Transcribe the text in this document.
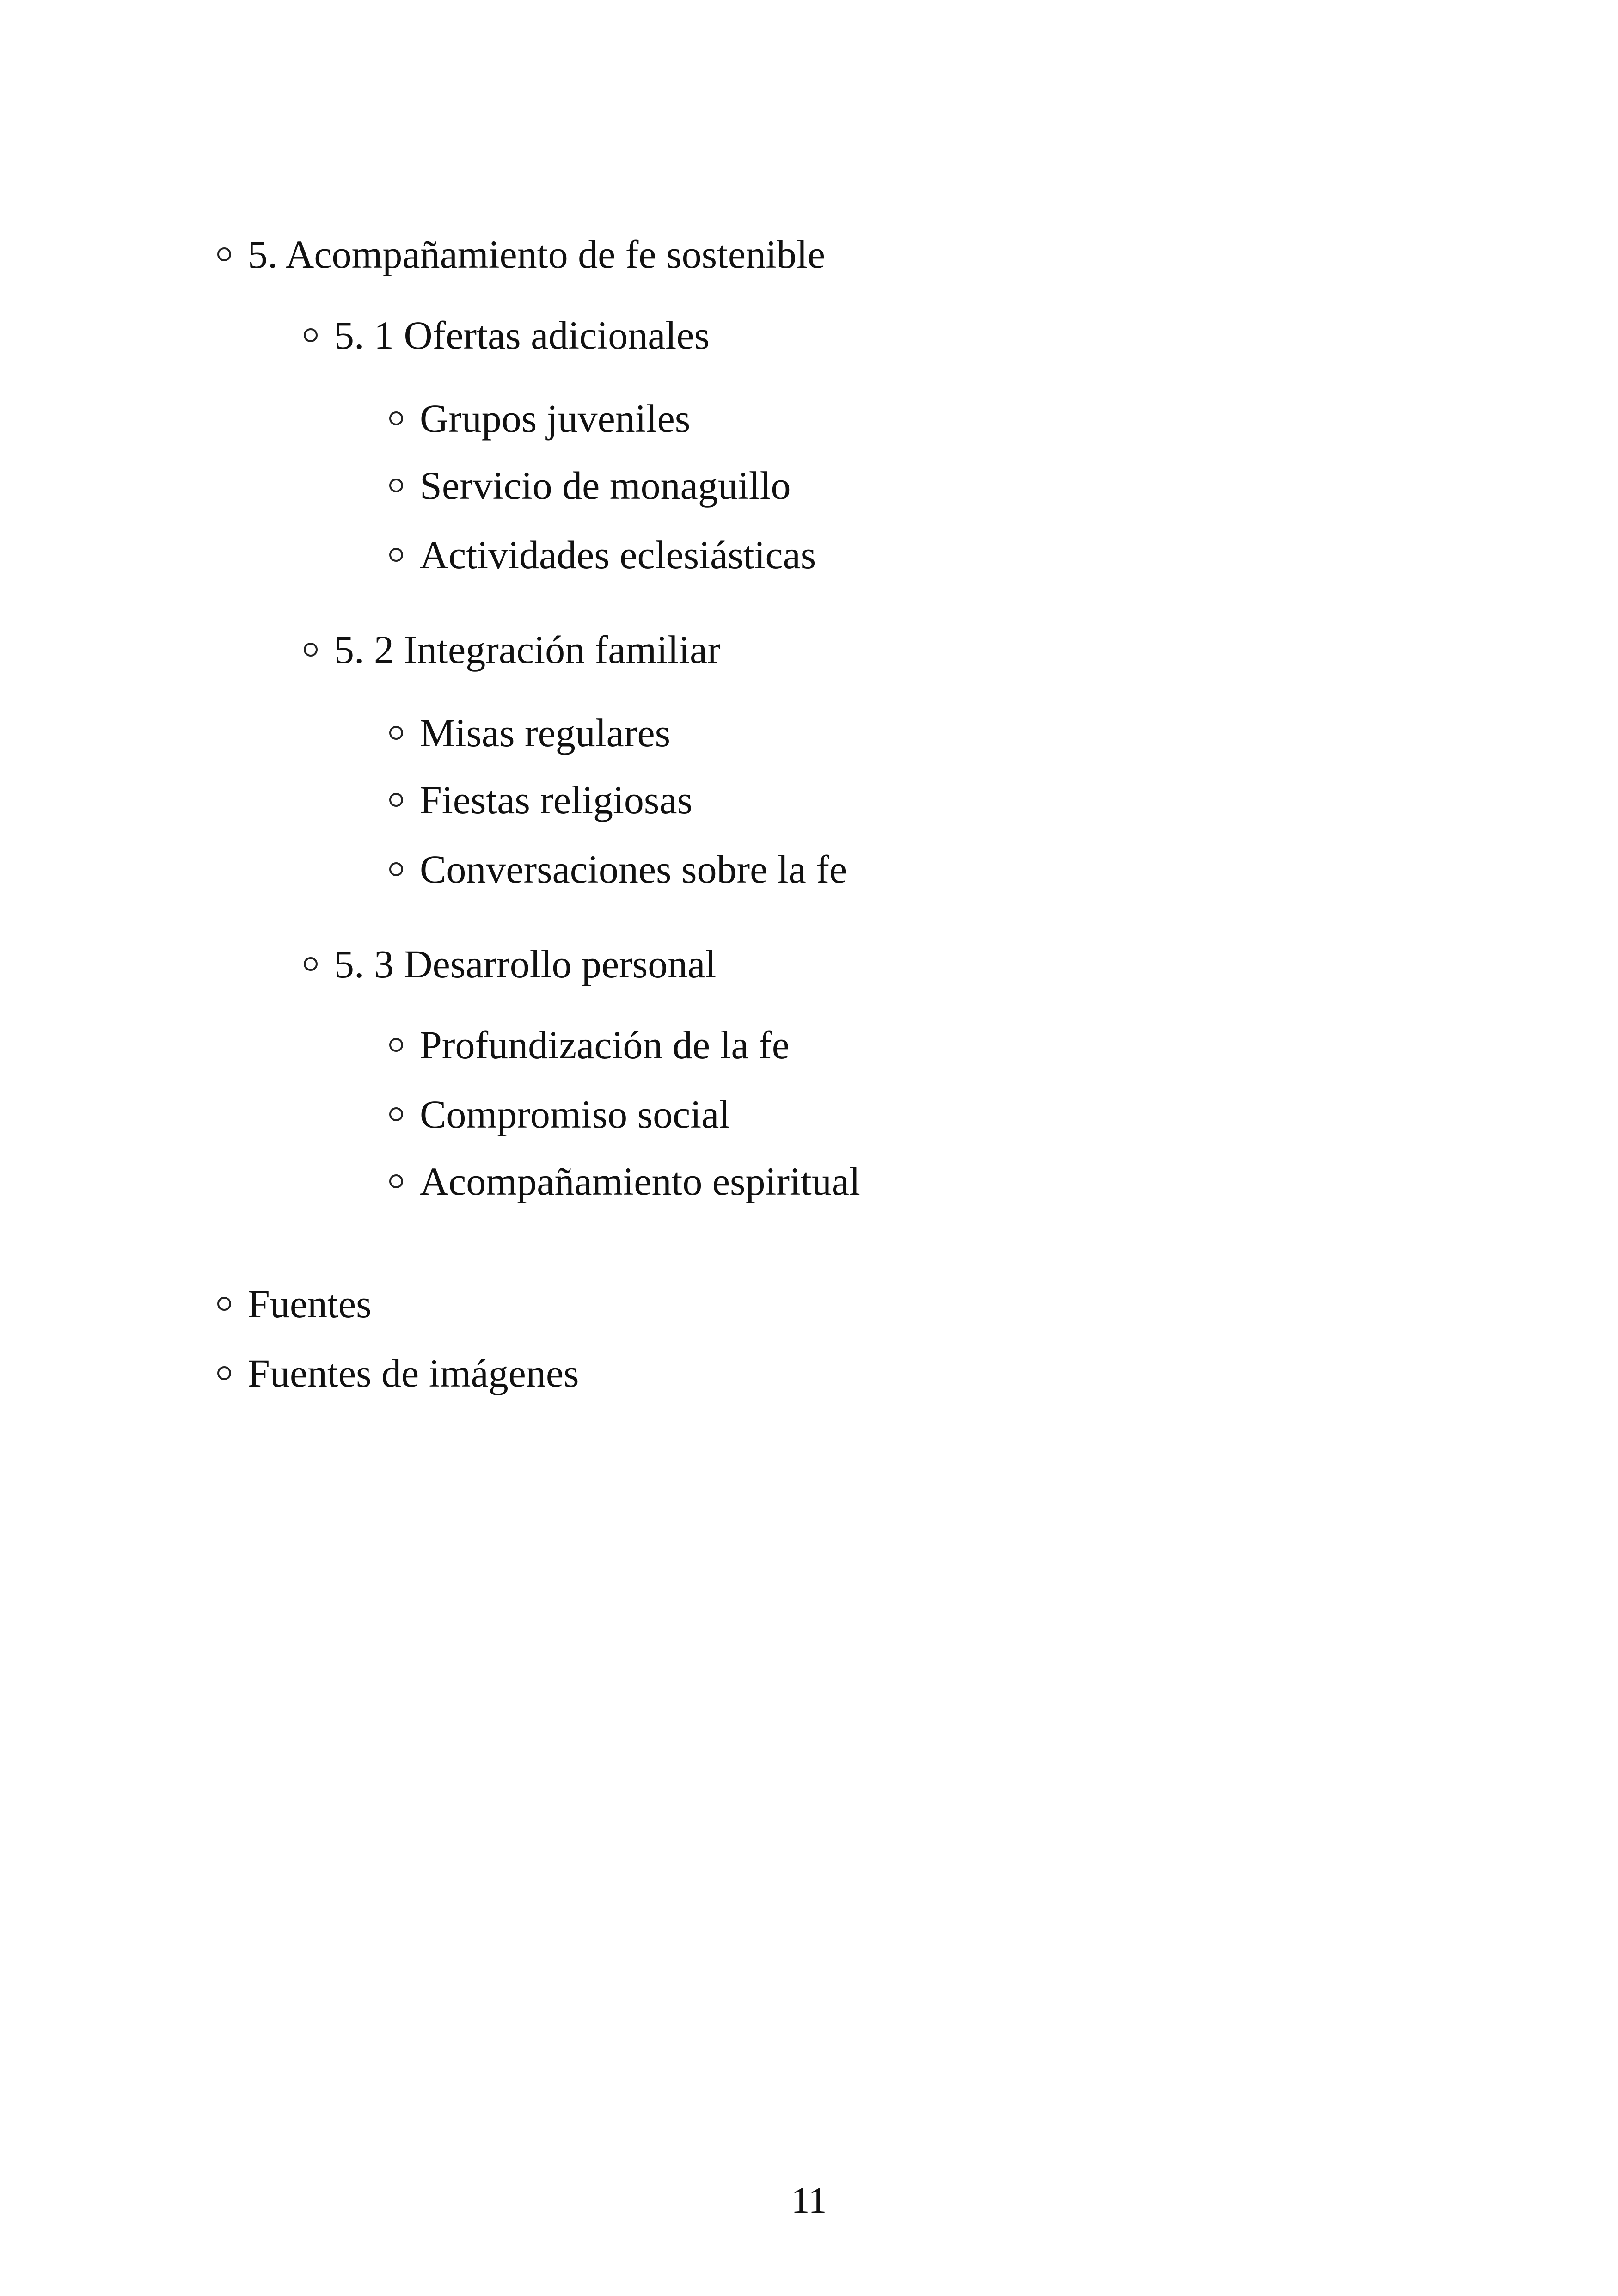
5. Acompañamiento de fe sostenible
5. 1 Ofertas adicionales
Grupos juveniles
Servicio de monaguillo
Actividades eclesiásticas
5. 2 Integración familiar
Misas regulares
Fiestas religiosas
Conversaciones sobre la fe
5. 3 Desarrollo personal
Profundización de la fe
Compromiso social
Acompañamiento espiritual
Fuentes
Fuentes de imágenes
11
